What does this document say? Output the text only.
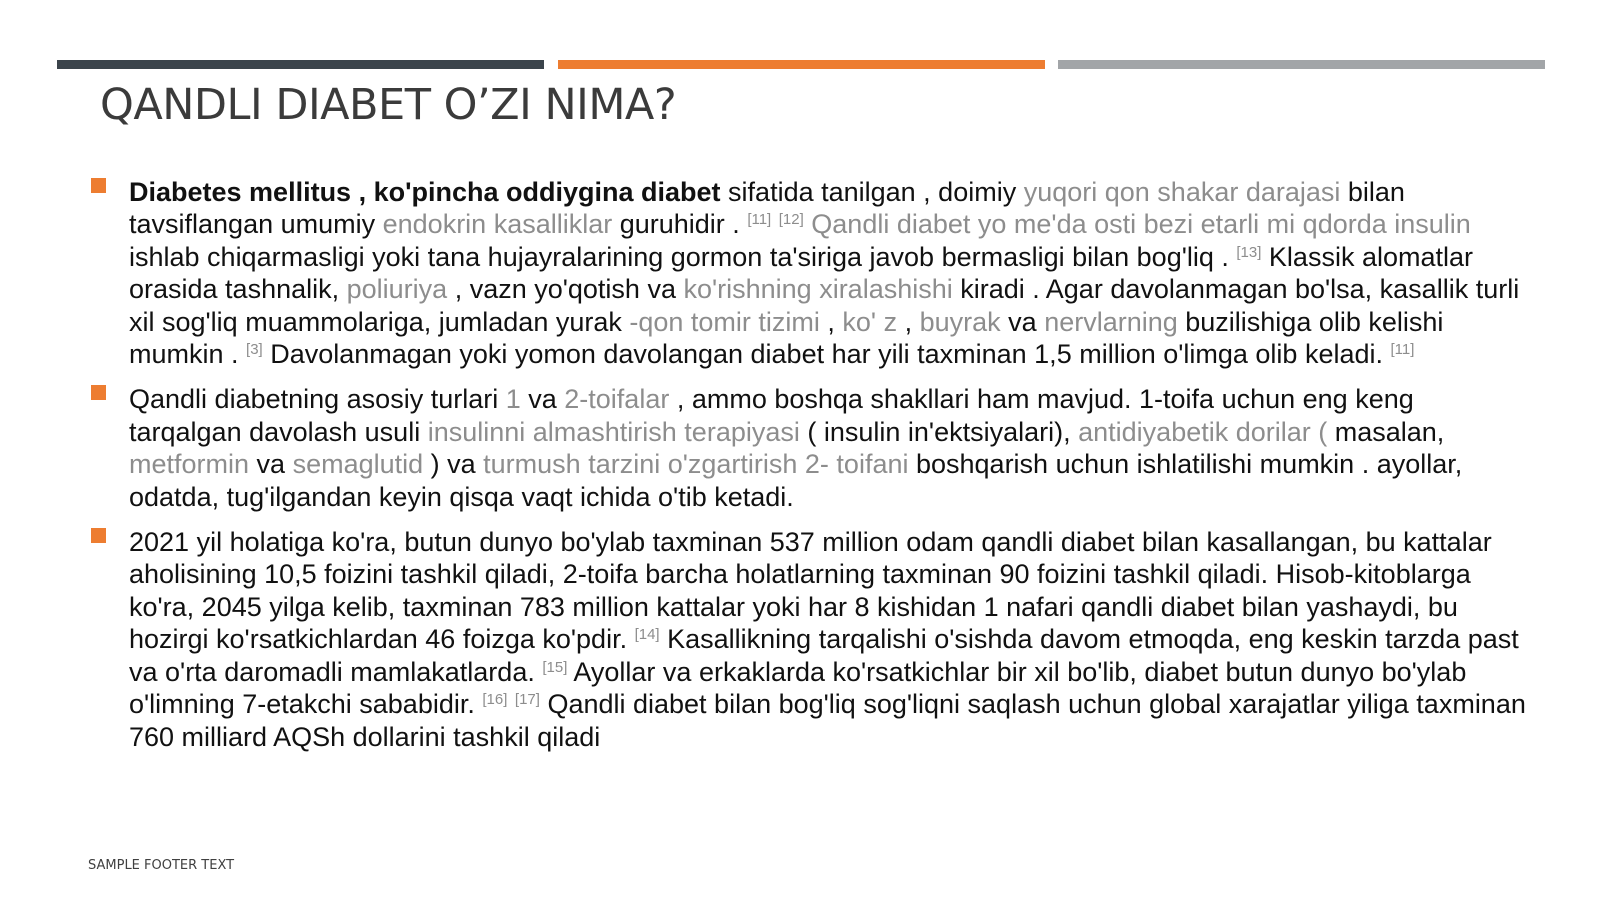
QANDLI DIABET O’ZI NIMA?
Diabetes mellitus , ko'pincha oddiygina diabet sifatida tanilgan , doimiy yuqori qon shakar darajasi bilan tavsiflangan umumiy endokrin kasalliklar guruhidir . [11] [12] Qandli diabet yo me'da osti bezi etarli mi qdorda insulin ishlab chiqarmasligi yoki tana hujayralarining gormon ta'siriga javob bermasligi bilan bog'liq . [13] Klassik alomatlar orasida tashnalik, poliuriya , vazn yo'qotish va ko'rishning xiralashishi kiradi . Agar davolanmagan bo'lsa, kasallik turli xil sog'liq muammolariga, jumladan yurak -qon tomir tizimi , ko' z , buyrak va nervlarning buzilishiga olib kelishi mumkin . [3] Davolanmagan yoki yomon davolangan diabet har yili taxminan 1,5 million o'limga olib keladi. [11]
Qandli diabetning asosiy turlari 1 va 2-toifalar , ammo boshqa shakllari ham mavjud. 1-toifa uchun eng keng tarqalgan davolash usuli insulinni almashtirish terapiyasi ( insulin in'ektsiyalari), antidiyabetik dorilar ( masalan, metformin va semaglutid ) va turmush tarzini o'zgartirish 2- toifani boshqarish uchun ishlatilishi mumkin . ayollar, odatda, tug'ilgandan keyin qisqa vaqt ichida o'tib ketadi.
2021 yil holatiga ko'ra, butun dunyo bo'ylab taxminan 537 million odam qandli diabet bilan kasallangan, bu kattalar aholisining 10,5 foizini tashkil qiladi, 2-toifa barcha holatlarning taxminan 90 foizini tashkil qiladi. Hisob-kitoblarga ko'ra, 2045 yilga kelib, taxminan 783 million kattalar yoki har 8 kishidan 1 nafari qandli diabet bilan yashaydi, bu hozirgi ko'rsatkichlardan 46 foizga ko'pdir. [14] Kasallikning tarqalishi o'sishda davom etmoqda, eng keskin tarzda past va o'rta daromadli mamlakatlarda. [15] Ayollar va erkaklarda ko'rsatkichlar bir xil bo'lib, diabet butun dunyo bo'ylab o'limning 7-etakchi sababidir. [16] [17] Qandli diabet bilan bog'liq sog'liqni saqlash uchun global xarajatlar yiliga taxminan 760 milliard AQSh dollarini tashkil qiladi
SAMPLE FOOTER TEXT
